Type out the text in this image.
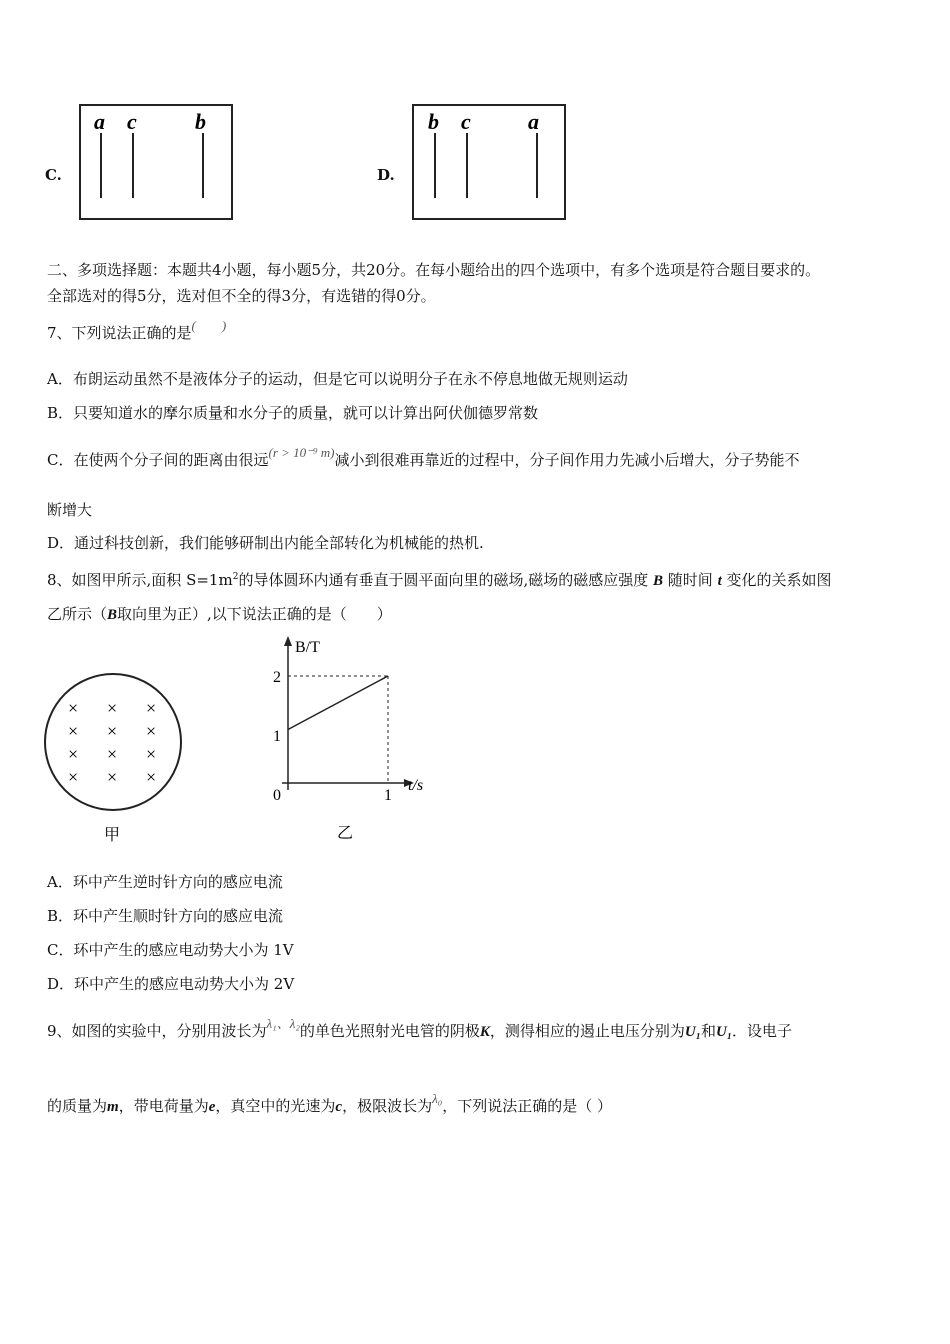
a c	b	b c	a
×
×
×
×
×
×
×
×
×
×
×
×
甲
B/T
t/s
0
1
2
1
乙
C.	D.
二、多项选择题：本题共4小题，每小题5分，共20分。在每小题给出的四个选项中，有多个选项是符合题目要求的。
全部选对的得5分，选对但不全的得3分，有选错的得0分。
7、下列说法正确的是(　　)
A．布朗运动虽然不是液体分子的运动，但是它可以说明分子在永不停息地做无规则运动
B．只要知道水的摩尔质量和水分子的质量，就可以计算出阿伏伽德罗常数
C．在使两个分子间的距离由很远(r > 10⁻⁹ m)减小到很难再靠近的过程中，分子间作用力先减小后增大，分子势能不
断增大
D．通过科技创新，我们能够研制出内能全部转化为机械能的热机.
8、如图甲所示,面积 $S=1m^2$的导体圆环内通有垂直于圆平面向里的磁场,磁场的磁感应强度 B 随时间 t 变化的关系如图
乙所示（B取向里为正）,以下说法正确的是（　　）
A．环中产生逆时针方向的感应电流
B．环中产生顺时针方向的感应电流
C．环中产生的感应电动势大小为 1V
D．环中产生的感应电动势大小为 2V
9、如图的实验中，分别用波长为λ₁、λ₂的单色光照射光电管的阴极K，测得相应的遏止电压分别为U₁和U₁．设电子
的质量为m，带电荷量为e，真空中的光速为c，极限波长为λ₀，下列说法正确的是（ ）
